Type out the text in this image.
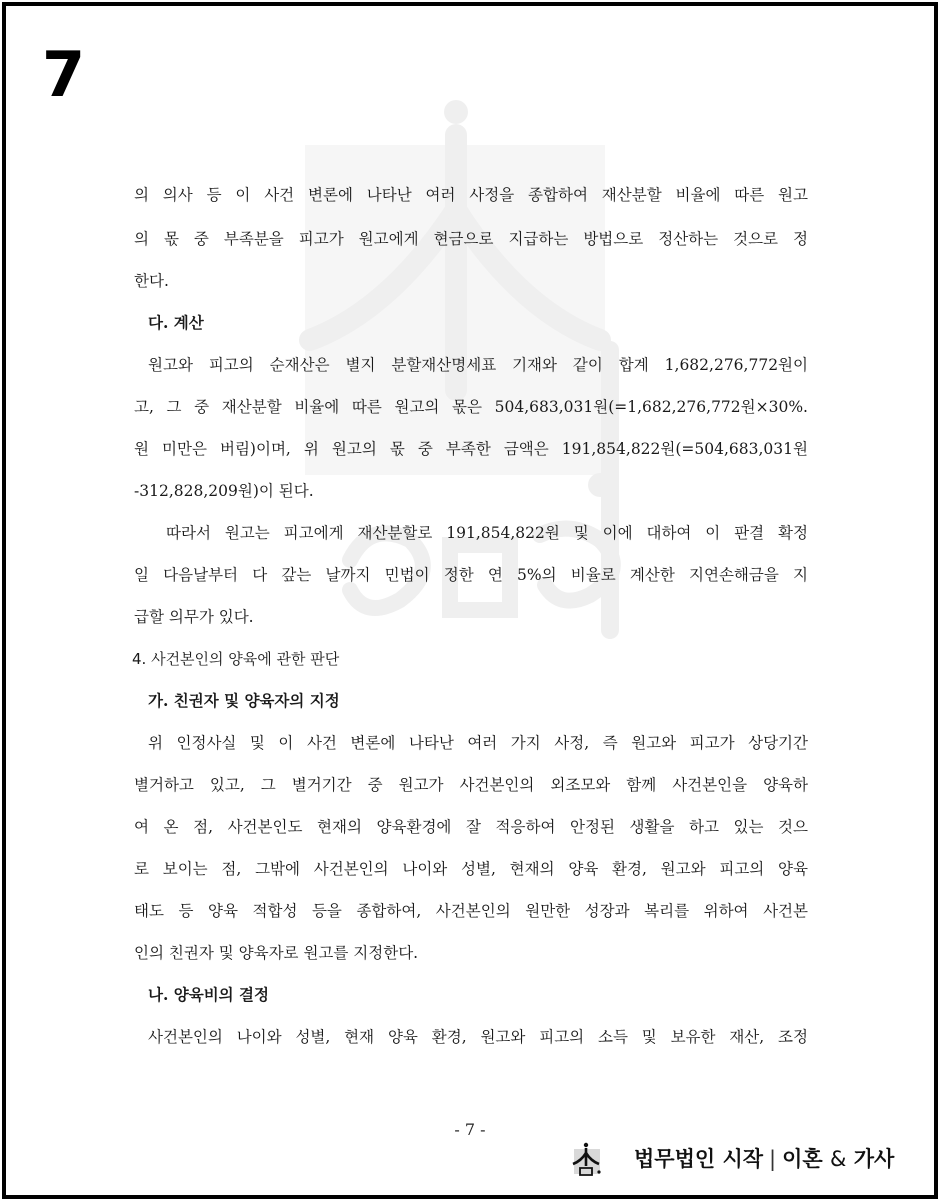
7
의 의사 등 이 사건 변론에 나타난 여러 사정을 종합하여 재산분할 비율에 따른 원고
의 몫 중 부족분을 피고가 원고에게 현금으로 지급하는 방법으로 정산하는 것으로 정
한다.
다. 계산
원고와 피고의 순재산은 별지 분할재산명세표 기재와 같이 합계 1,682,276,772원이
고, 그 중 재산분할 비율에 따른 원고의 몫은 504,683,031원(=1,682,276,772원×30%.
원 미만은 버림)이며, 위 원고의 몫 중 부족한 금액은 191,854,822원(=504,683,031원
-312,828,209원)이 된다.
따라서 원고는 피고에게 재산분할로 191,854,822원 및 이에 대하여 이 판결 확정
일 다음날부터 다 갚는 날까지 민법이 정한 연 5%의 비율로 계산한 지연손해금을 지
급할 의무가 있다.
4. 사건본인의 양육에 관한 판단
가. 친권자 및 양육자의 지정
위 인정사실 및 이 사건 변론에 나타난 여러 가지 사정, 즉 원고와 피고가 상당기간
별거하고 있고, 그 별거기간 중 원고가 사건본인의 외조모와 함께 사건본인을 양육하
여 온 점, 사건본인도 현재의 양육환경에 잘 적응하여 안정된 생활을 하고 있는 것으
로 보이는 점, 그밖에 사건본인의 나이와 성별, 현재의 양육 환경, 원고와 피고의 양육
태도 등 양육 적합성 등을 종합하여, 사건본인의 원만한 성장과 복리를 위하여 사건본
인의 친권자 및 양육자로 원고를 지정한다.
나. 양육비의 결정
사건본인의 나이와 성별, 현재 양육 환경, 원고와 피고의 소득 및 보유한 재산, 조정
- 7 -
법무법인 시작 | 이혼 & 가사
